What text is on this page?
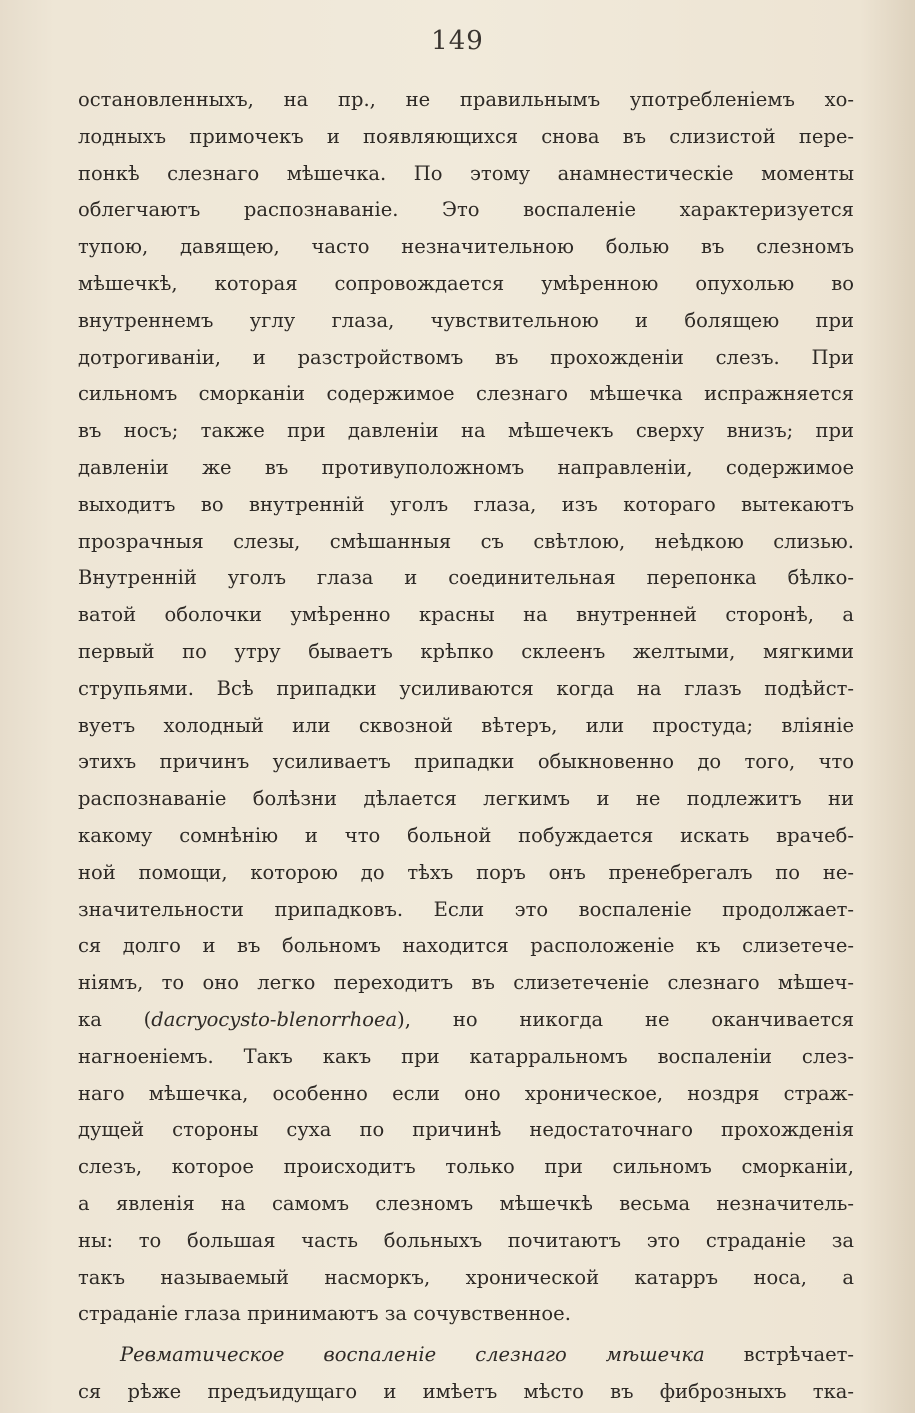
149
остановленныхъ, на пр., не правильнымъ употребленіемъ хо-
лодныхъ примочекъ и появляющихся снова въ слизистой пере-
понкѣ слезнаго мѣшечка. По этому анамнестическіе моменты
облегчаютъ распознаваніе. Это воспаленіе характеризуется
тупою, давящею, часто незначительною болью въ слезномъ
мѣшечкѣ, которая сопровождается умѣренною опухолью во
внутреннемъ углу глаза, чувствительною и болящею при
дотрогиваніи, и разстройствомъ въ прохожденіи слезъ. При
сильномъ сморканіи содержимое слезнаго мѣшечка испражняется
въ носъ; также при давленіи на мѣшечекъ сверху внизъ; при
давленіи же въ противуположномъ направленіи, содержимое
выходитъ во внутренній уголъ глаза, изъ котораго вытекаютъ
прозрачныя слезы, смѣшанныя съ свѣтлою, неѣдкою слизью.
Внутренній уголъ глаза и соединительная перепонка бѣлко-
ватой оболочки умѣренно красны на внутренней сторонѣ, а
первый по утру бываетъ крѣпко склеенъ желтыми, мягкими
струпьями. Всѣ припадки усиливаются когда на глазъ подѣйст-
вуетъ холодный или сквозной вѣтеръ, или простуда; вліяніе
этихъ причинъ усиливаетъ припадки обыкновенно до того, что
распознаваніе болѣзни дѣлается легкимъ и не подлежитъ ни
какому сомнѣнію и что больной побуждается искать врачеб-
ной помощи, которою до тѣхъ поръ онъ пренебрегалъ по не-
значительности припадковъ. Если это воспаленіе продолжает-
ся долго и въ больномъ находится расположеніе къ слизетече-
ніямъ, то оно легко переходитъ въ слизетеченіе слезнаго мѣшеч-
ка (dacryocysto-blenorrhoea), но никогда не оканчивается
нагноеніемъ. Такъ какъ при катарральномъ воспаленіи слез-
наго мѣшечка, особенно если оно хроническое, ноздря страж-
дущей стороны суха по причинѣ недостаточнаго прохожденія
слезъ, которое происходитъ только при сильномъ сморканіи,
а явленія на самомъ слезномъ мѣшечкѣ весьма незначитель-
ны: то большая часть больныхъ почитаютъ это страданіе за
такъ называемый насморкъ, хронической катарръ носа, а
страданіе глаза принимаютъ за сочувственное.
Ревматическое воспаленіе слезнаго мѣшечка встрѣчает-
ся рѣже предъидущаго и имѣетъ мѣсто въ фиброзныхъ тка-
